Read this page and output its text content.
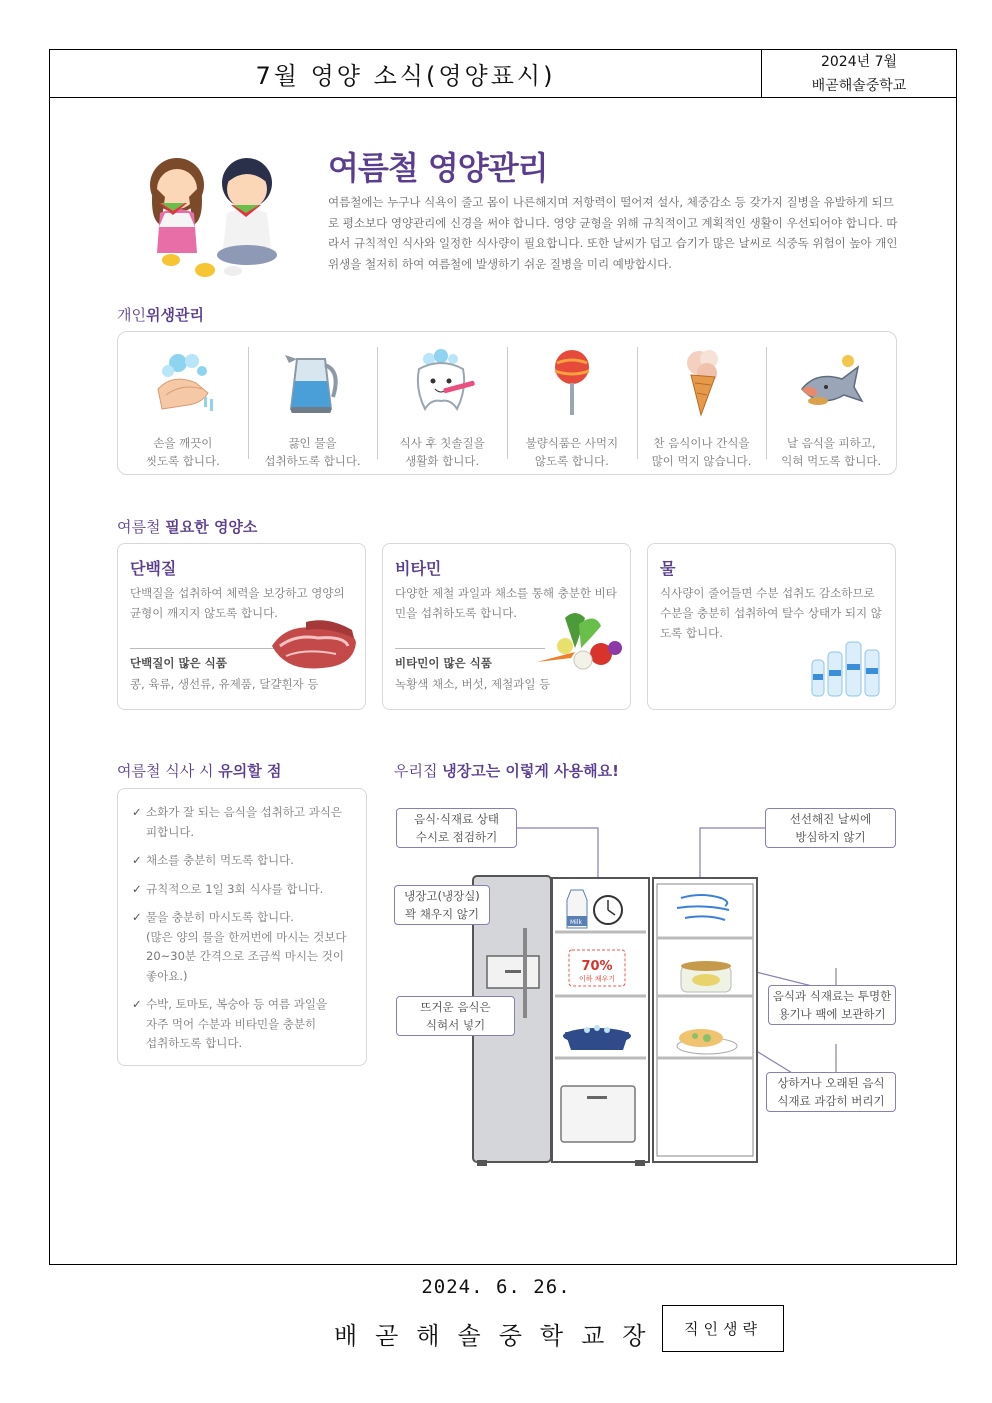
7월 영양 소식(영양표시)
2024년 7월
배곧해솔중학교
여름철 영양관리
여름철에는 누구나 식욕이 줄고 몸이 나른해지며 저항력이 떨어져 설사, 체중감소 등 갖가지 질병을 유발하게 되므로 평소보다 영양관리에 신경을 써야 합니다. 영양 균형을 위해 규칙적이고 계획적인 생활이 우선되어야 합니다. 따라서 규칙적인 식사와 일정한 식사량이 필요합니다. 또한 날씨가 덥고 습기가 많은 날씨로 식중독 위험이 높아 개인위생을 철저히 하여 여름철에 발생하기 쉬운 질병을 미리 예방합시다.
개인위생관리
손을 깨끗이
씻도록 합니다.
끓인 물을
섭취하도록 합니다.
식사 후 칫솔질을
생활화 합니다.
불량식품은 사먹지
않도록 합니다.
찬 음식이나 간식을
많이 먹지 않습니다.
날 음식을 피하고,
익혀 먹도록 합니다.
여름철 필요한 영양소
단백질
단백질을 섭취하여 체력을 보강하고 영양의 균형이 깨지지 않도록 합니다.
단백질이 많은 식품
콩, 육류, 생선류, 유제품, 달걀흰자 등
비타민
다양한 제철 과일과 채소를 통해 충분한 비타민을 섭취하도록 합니다.
비타민이 많은 식품
녹황색 채소, 버섯, 제철과일 등
물
식사량이 줄어들면 수분 섭취도 감소하므로 수분을 충분히 섭취하여 탈수 상태가 되지 않도록 합니다.
여름철 식사 시 유의할 점
✓ 소화가 잘 되는 음식을 섭취하고 과식은
피합니다.
✓ 채소를 충분히 먹도록 합니다.
✓ 규칙적으로 1일 3회 식사를 합니다.
✓ 물을 충분히 마시도록 합니다.
(많은 양의 물을 한꺼번에 마시는 것보다
20~30분 간격으로 조금씩 마시는 것이
좋아요.)
✓ 수박, 토마토, 복숭아 등 여름 과일을
자주 먹어 수분과 비타민을 충분히
섭취하도록 합니다.
우리집 냉장고는 이렇게 사용해요!
Milk
70%
이하 채우기
음식·식재료 상태
수시로 점검하기
냉장고(냉장실)
꽉 채우지 않기
뜨거운 음식은
식혀서 넣기
선선해진 날씨에
방심하지 않기
음식과 식재료는 투명한
용기나 팩에 보관하기
상하거나 오래된 음식
식재료 과감히 버리기
2024. 6. 26.
배곧해솔중학교장	직인생략
